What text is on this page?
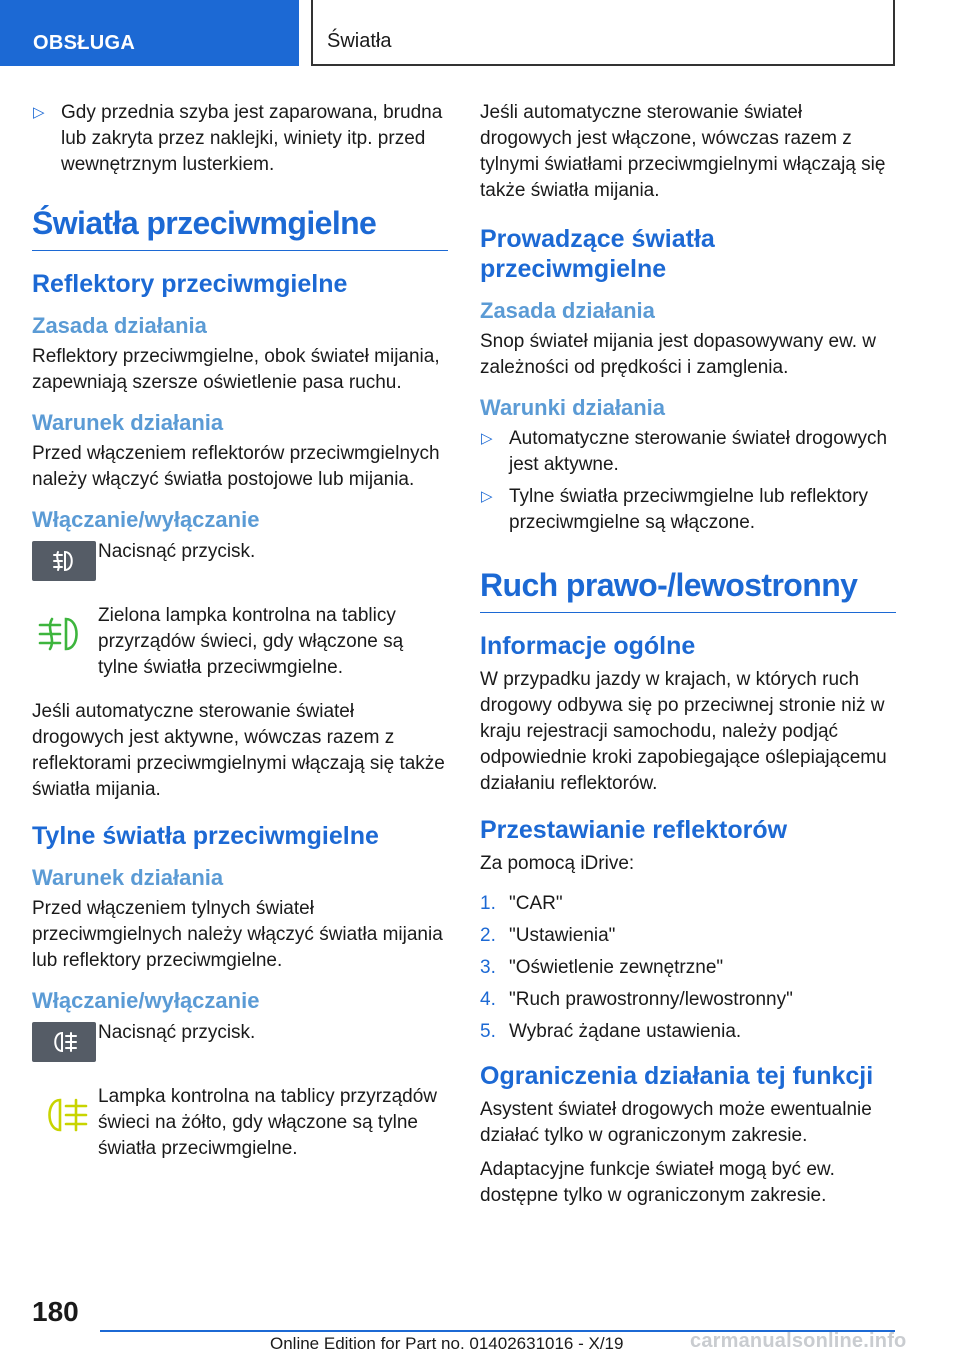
OBSŁUGA	Światła
▷ Gdy przednia szyba jest zaparowana, brudna lub zakryta przez naklejki, winiety itp. przed wewnętrznym lusterkiem.
Światła przeciwmgielne
Reflektory przeciwmgielne
Zasada działania

Reflektory przeciwmgielne, obok świateł mijania, zapewniają szersze oświetlenie pasa ruchu.

Warunek działania

Przed włączeniem reflektorów przeciwmgielnych należy włączyć światła postojowe lub mijania.

Włączanie/wyłączanie
Nacisnąć przycisk.
Zielona lampka kontrolna na tablicy przyrządów świeci, gdy włączone są tylne światła przeciwmgielne.

Jeśli automatyczne sterowanie świateł drogowych jest aktywne, wówczas razem z reflektorami przeciwmgielnymi włączają się także światła mijania.

Tylne światła przeciwmgielne
Warunek działania

Przed włączeniem tylnych świateł przeciwmgielnych należy włączyć światła mijania lub reflektory przeciwmgielne.

Włączanie/wyłączanie
Nacisnąć przycisk.
Lampka kontrolna na tablicy przyrządów świeci na żółto, gdy włączone są tylne światła przeciwmgielne.

Jeśli automatyczne sterowanie świateł drogowych jest włączone, wówczas razem z tylnymi światłami przeciwmgielnymi włączają się także światła mijania.

Prowadzące światła przeciwmgielne
Zasada działania

Snop świateł mijania jest dopasowywany ew. w zależności od prędkości i zamglenia.

Warunki działania
▷ Automatyczne sterowanie świateł drogowych jest aktywne.
▷ Tylne światła przeciwmgielne lub reflektory przeciwmgielne są włączone.
Ruch prawo-/lewostronny
Informacje ogólne

W przypadku jazdy w krajach, w których ruch drogowy odbywa się po przeciwnej stronie niż w kraju rejestracji samochodu, należy podjąć odpowiednie kroki zapobiegające oślepiającemu działaniu reflektorów.

Przestawianie reflektorów

Za pomocą iDrive:

1. "CAR"
2. "Ustawienia"
3. "Oświetlenie zewnętrzne"
4. "Ruch prawostronny/lewostronny"
5. Wybrać żądane ustawienia.
Ograniczenia działania tej funkcji

Asystent świateł drogowych może ewentualnie działać tylko w ograniczonym zakresie.

Adaptacyjne funkcje świateł mogą być ew. dostępne tylko w ograniczonym zakresie.

180
Online Edition for Part no. 01402631016 - X/19	carmanualsonline.info
